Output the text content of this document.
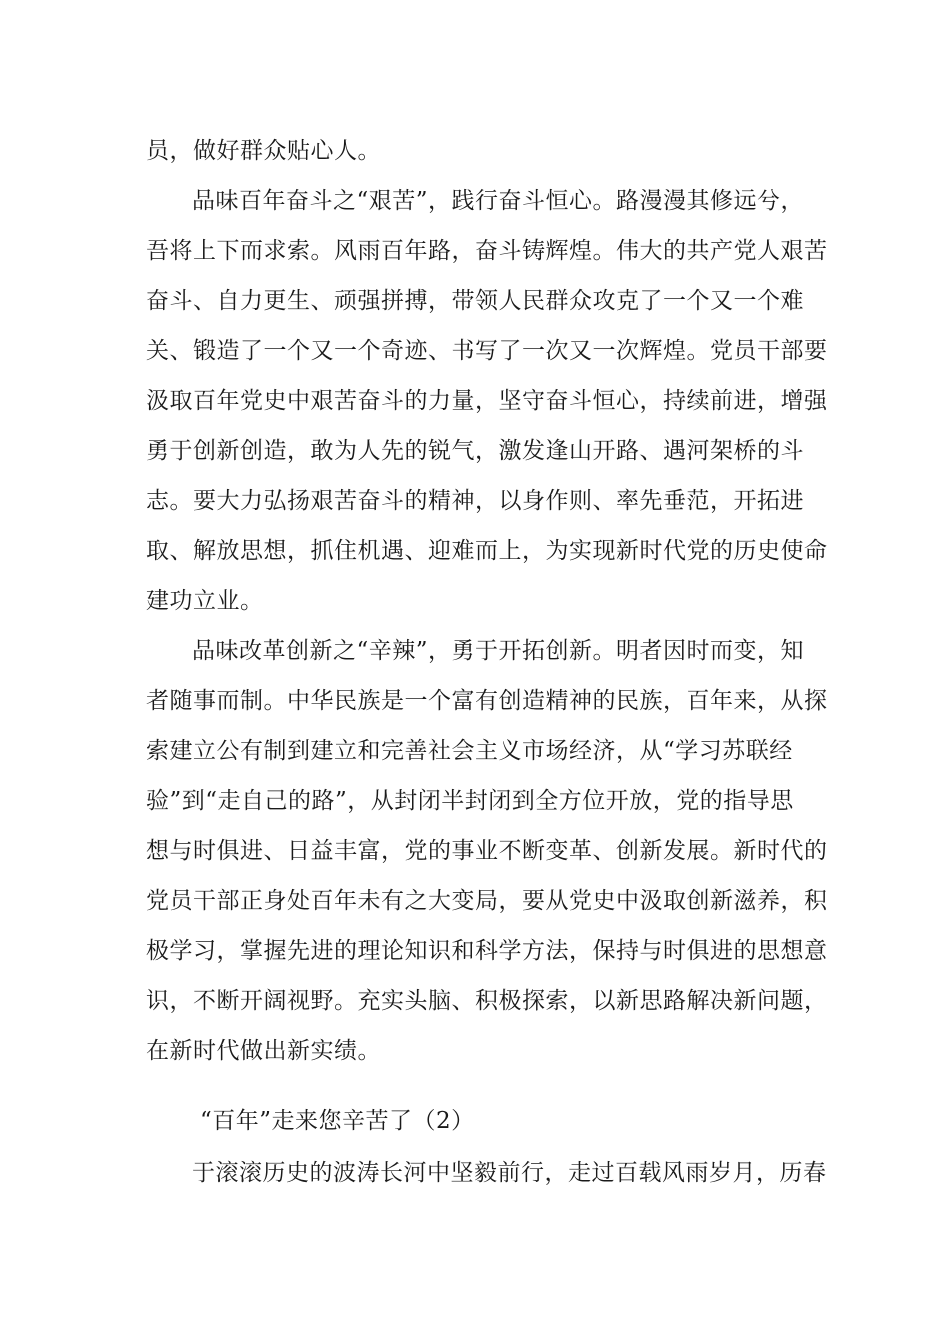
员，做好群众贴心人。
品味百年奋斗之“艰苦”，践行奋斗恒心。路漫漫其修远兮，
吾将上下而求索。风雨百年路，奋斗铸辉煌。伟大的共产党人艰苦
奋斗、自力更生、顽强拼搏，带领人民群众攻克了一个又一个难
关、锻造了一个又一个奇迹、书写了一次又一次辉煌。党员干部要
汲取百年党史中艰苦奋斗的力量，坚守奋斗恒心，持续前进，增强
勇于创新创造，敢为人先的锐气，激发逢山开路、遇河架桥的斗
志。要大力弘扬艰苦奋斗的精神，以身作则、率先垂范，开拓进
取、解放思想，抓住机遇、迎难而上，为实现新时代党的历史使命
建功立业。
品味改革创新之“辛辣”，勇于开拓创新。明者因时而变，知
者随事而制。中华民族是一个富有创造精神的民族，百年来，从探
索建立公有制到建立和完善社会主义市场经济，从“学习苏联经
验”到“走自己的路”，从封闭半封闭到全方位开放，党的指导思
想与时俱进、日益丰富，党的事业不断变革、创新发展。新时代的
党员干部正身处百年未有之大变局，要从党史中汲取创新滋养，积
极学习，掌握先进的理论知识和科学方法，保持与时俱进的思想意
识，不断开阔视野。充实头脑、积极探索，以新思路解决新问题，
在新时代做出新实绩。
“百年”走来您辛苦了（2）
于滚滚历史的波涛长河中坚毅前行，走过百载风雨岁月，历春
